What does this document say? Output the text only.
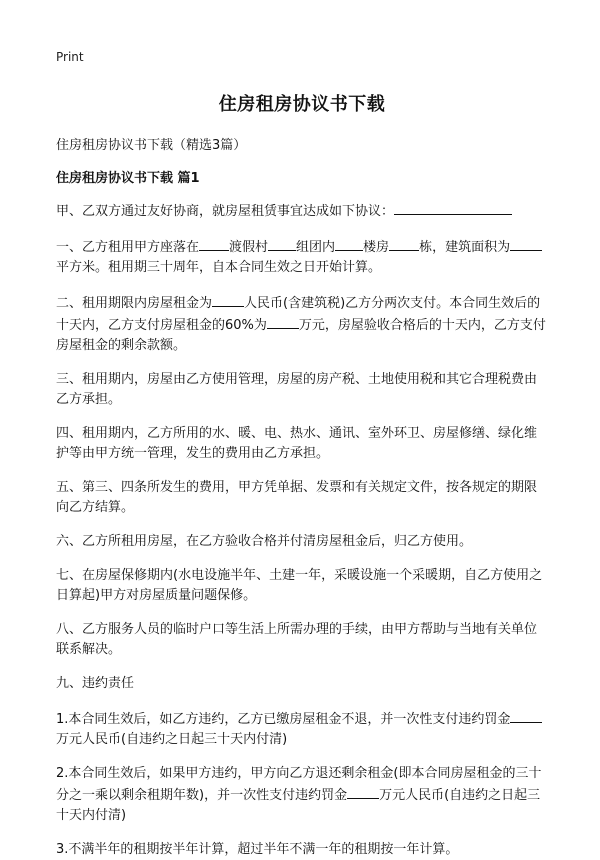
Print
住房租房协议书下载
住房租房协议书下载（精选3篇）
住房租房协议书下载 篇1
甲、乙双方通过友好协商，就房屋租赁事宜达成如下协议：
一、乙方租用甲方座落在 渡假村 组团内 楼房 栋，建筑面积为平方米。租用期三十周年，自本合同生效之日开始计算。
二、租用期限内房屋租金为 人民币(含建筑税)乙方分两次支付。本合同生效后的十天内，乙方支付房屋租金的60%为 万元，房屋验收合格后的十天内，乙方支付房屋租金的剩余款额。
三、租用期内，房屋由乙方使用管理，房屋的房产税、土地使用税和其它合理税费由乙方承担。
四、租用期内，乙方所用的水、暖、电、热水、通讯、室外环卫、房屋修缮、绿化维护等由甲方统一管理，发生的费用由乙方承担。
五、第三、四条所发生的费用，甲方凭单据、发票和有关规定文件，按各规定的期限向乙方结算。
六、乙方所租用房屋，在乙方验收合格并付清房屋租金后，归乙方使用。
七、在房屋保修期内(水电设施半年、土建一年，采暖设施一个采暖期，自乙方使用之日算起)甲方对房屋质量问题保修。
八、乙方服务人员的临时户口等生活上所需办理的手续，由甲方帮助与当地有关单位联系解决。
九、违约责任
1.本合同生效后，如乙方违约，乙方已缴房屋租金不退，并一次性支付违约罚金万元人民币(自违约之日起三十天内付清)
2.本合同生效后，如果甲方违约，甲方向乙方退还剩余租金(即本合同房屋租金的三十分之一乘以剩余租期年数)，并一次性支付违约罚金 万元人民币(自违约之日起三十天内付清)
3.不满半年的租期按半年计算，超过半年不满一年的租期按一年计算。
